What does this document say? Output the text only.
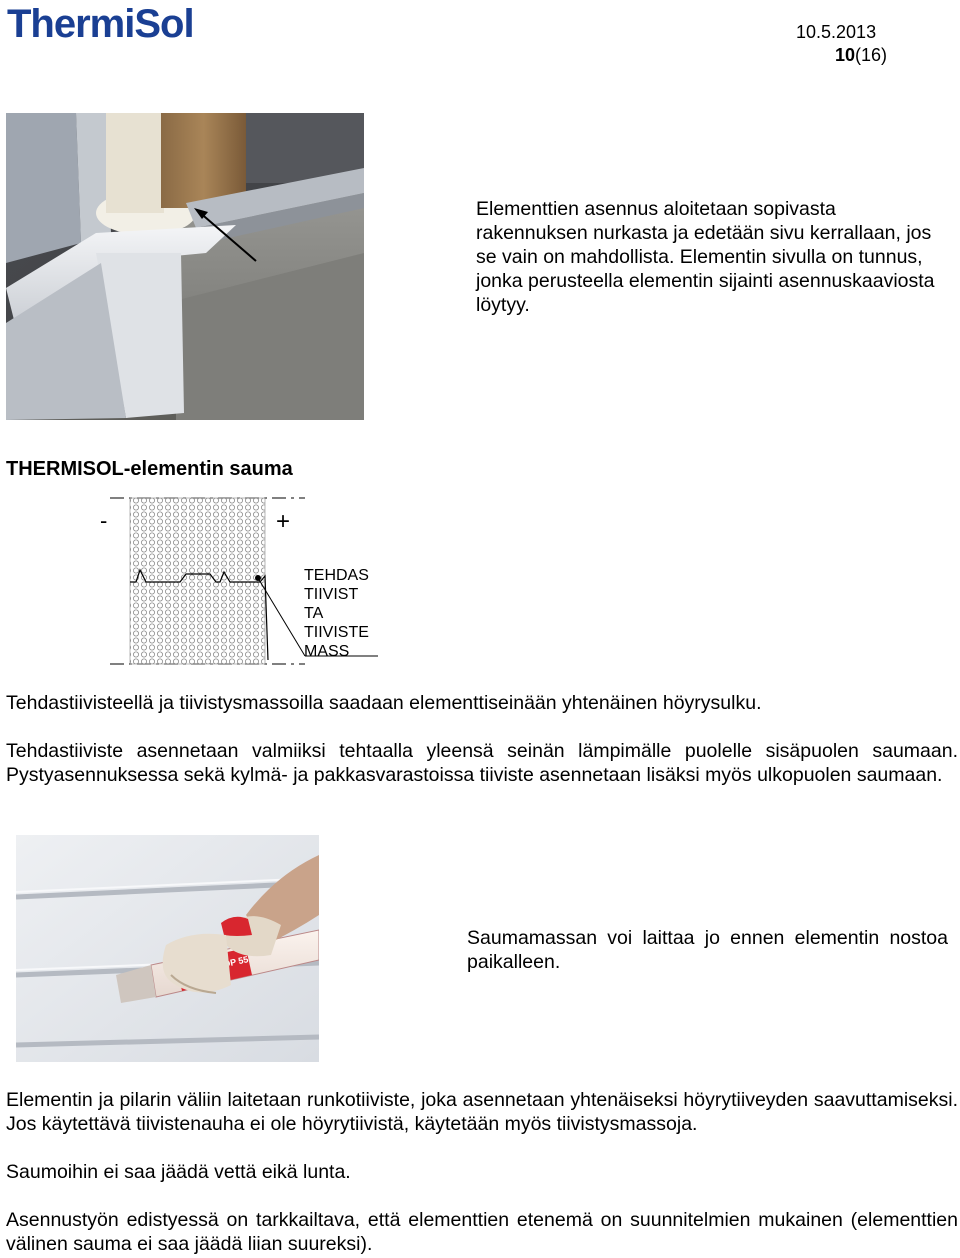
ThermiSol	10.5.2013
10(16)
Elementtien asennus aloitetaan sopivasta rakennuksen nurkasta ja edetään sivu kerrallaan, jos se vain on mahdollista. Elementin sivulla on tunnus, jonka perusteella elementin sijainti asennuskaaviosta löytyy.
THERMISOL-elementin sauma
-	+
TEHDAS
TIIVIST
TA
TIIVISTE
MASS
Tehdastiivisteellä ja tiivistysmassoilla saadaan elementtiseinään yhtenäinen höyrysulku.
Tehdastiiviste asennetaan valmiiksi tehtaalla yleensä seinän lämpimälle puolelle sisäpuolen saumaan. Pystyasennuksessa sekä kylmä- ja pakkasvarastoissa tiiviste asennetaan lisäksi myös ulkopuolen saumaan.
55
Saumamassan voi laittaa jo ennen elementin nostoa paikalleen.
Elementin ja pilarin väliin laitetaan runkotiiviste, joka asennetaan yhtenäiseksi höyrytiiveyden saavuttamiseksi. Jos käytettävä tiivistenauha ei ole höyrytiivistä, käytetään myös tiivistysmassoja.
Saumoihin ei saa jäädä vettä eikä lunta.
Asennustyön edistyessä on tarkkailtava, että elementtien etenemä on suunnitelmien mukainen (elementtien välinen sauma ei saa jäädä liian suureksi).
